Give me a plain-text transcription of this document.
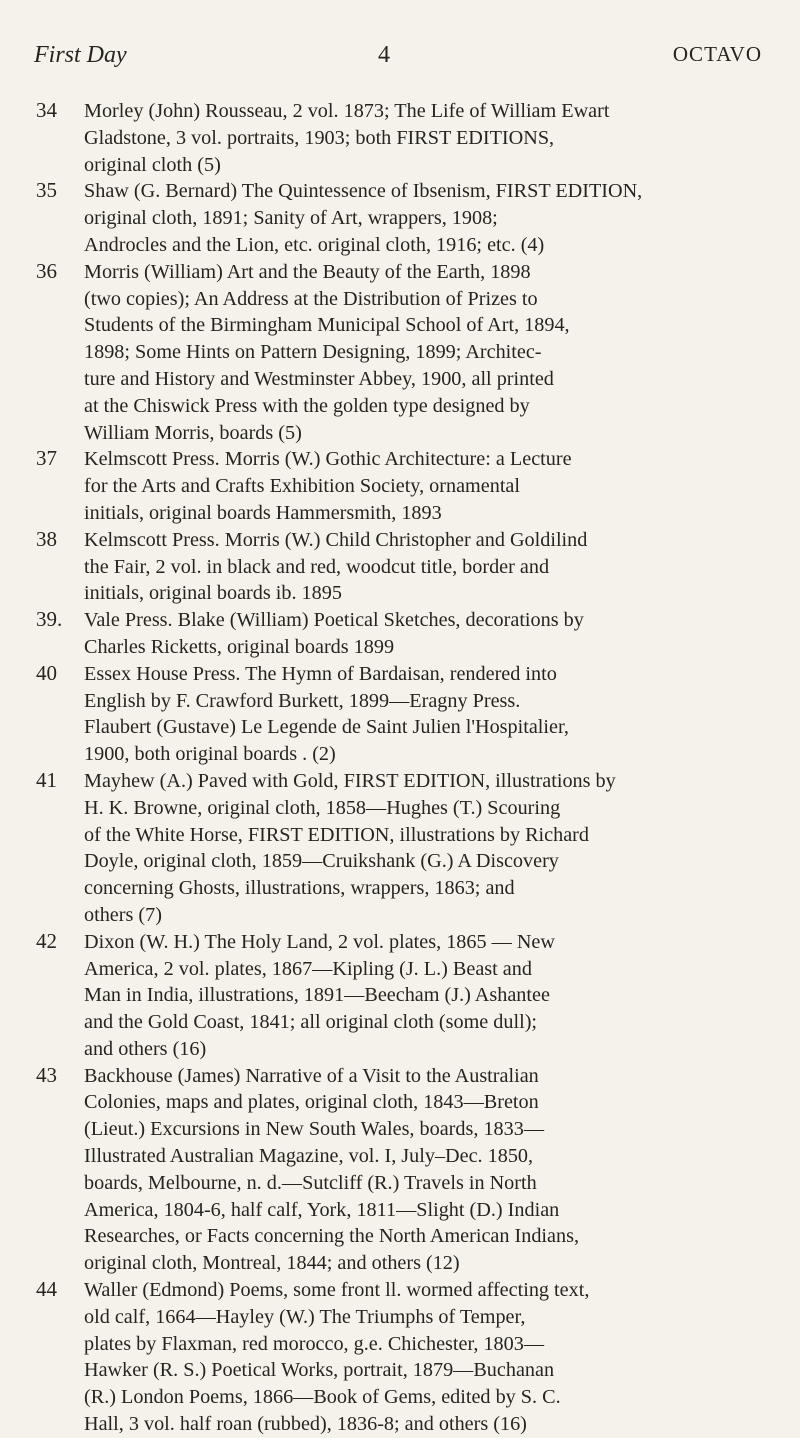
First Day	4	OCTAVO
34	Morley (John) Rousseau, 2 vol. 1873; The Life of William Ewart
Gladstone, 3 vol. portraits, 1903; both FIRST EDITIONS,
original cloth (5)
35	Shaw (G. Bernard) The Quintessence of Ibsenism, FIRST EDITION,
original cloth, 1891; Sanity of Art, wrappers, 1908;
Androcles and the Lion, etc. original cloth, 1916; etc. (4)
36	Morris (William) Art and the Beauty of the Earth, 1898
(two copies); An Address at the Distribution of Prizes to
Students of the Birmingham Municipal School of Art, 1894,
1898; Some Hints on Pattern Designing, 1899; Architec-
ture and History and Westminster Abbey, 1900, all printed
at the Chiswick Press with the golden type designed by
William Morris, boards (5)
37	Kelmscott Press. Morris (W.) Gothic Architecture: a Lecture
for the Arts and Crafts Exhibition Society, ornamental
initials, original boards Hammersmith, 1893
38	Kelmscott Press. Morris (W.) Child Christopher and Goldilind
the Fair, 2 vol. in black and red, woodcut title, border and
initials, original boards ib. 1895
39.	Vale Press. Blake (William) Poetical Sketches, decorations by
Charles Ricketts, original boards 1899
40	Essex House Press. The Hymn of Bardaisan, rendered into
English by F. Crawford Burkett, 1899—Eragny Press.
Flaubert (Gustave) Le Legende de Saint Julien l'Hospitalier,
1900, both original boards . (2)
41	Mayhew (A.) Paved with Gold, FIRST EDITION, illustrations by
H. K. Browne, original cloth, 1858—Hughes (T.) Scouring
of the White Horse, FIRST EDITION, illustrations by Richard
Doyle, original cloth, 1859—Cruikshank (G.) A Discovery
concerning Ghosts, illustrations, wrappers, 1863; and
others (7)
42	Dixon (W. H.) The Holy Land, 2 vol. plates, 1865 — New
America, 2 vol. plates, 1867—Kipling (J. L.) Beast and
Man in India, illustrations, 1891—Beecham (J.) Ashantee
and the Gold Coast, 1841; all original cloth (some dull);
and others (16)
43	Backhouse (James) Narrative of a Visit to the Australian
Colonies, maps and plates, original cloth, 1843—Breton
(Lieut.) Excursions in New South Wales, boards, 1833—
Illustrated Australian Magazine, vol. I, July–Dec. 1850,
boards, Melbourne, n. d.—Sutcliff (R.) Travels in North
America, 1804-6, half calf, York, 1811—Slight (D.) Indian
Researches, or Facts concerning the North American Indians,
original cloth, Montreal, 1844; and others (12)
44	Waller (Edmond) Poems, some front ll. wormed affecting text,
old calf, 1664—Hayley (W.) The Triumphs of Temper,
plates by Flaxman, red morocco, g.e. Chichester, 1803—
Hawker (R. S.) Poetical Works, portrait, 1879—Buchanan
(R.) London Poems, 1866—Book of Gems, edited by S. C.
Hall, 3 vol. half roan (rubbed), 1836-8; and others (16)
